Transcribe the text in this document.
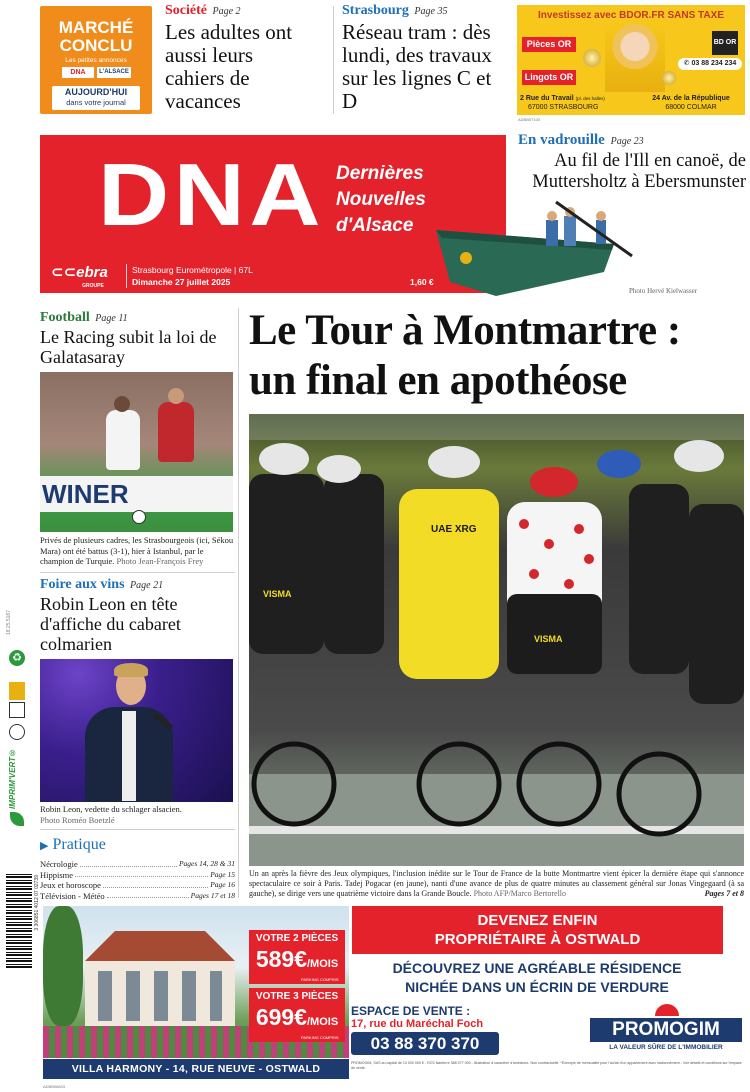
MARCHÉ
CONCLU
Les petites annonces
DNA	L'ALSACE
AUJOURD'HUI
dans votre journal
Société Page 2
Les adultes ont aussi leurs cahiers de vacances
Strasbourg Page 35
Réseau tram : dès lundi, des travaux sur les lignes C et D
Investissez avec BDOR.FR SANS TAXE
Pièces OR
Lingots OR
BD OR
✆ 03 88 234 234
2 Rue du Travail (pl. des halles)
67000 STRASBOURG
24 Av. de la République
68000 COLMAR
ADBB07103
DNA Dernières
Nouvelles
d'Alsace
⊂⊂ebra
GROUPE
Strasbourg Eurométropole | 67L
Dimanche 27 juillet 2025	1,60 €
En vadrouille Page 23
Au fil de l'Ill en canoë, de Muttersholtz à Ebersmunster
Photo Hervé Kielwasser
Football Page 11
Le Racing subit la loi de Galatasaray
WINER
Privés de plusieurs cadres, les Strasbourgeois (ici, Sékou Mara) ont été battus (3-1), hier à Istanbul, par le champion de Turquie. Photo Jean-François Frey
Foire aux vins Page 21
Robin Leon en tête d'affiche du cabaret colmarien
Robin Leon, vedette du schlager alsacien.
Photo Roméo Boetzlé
▶ Pratique
Nécrologie	Pages 14, 28 & 31
Hippisme	Page 15
Jeux et horoscope	Page 16
Télévision - Météo	Pages 17 et 18
Le Tour à Montmartre :
un final en apothéose
UAE XRG
VISMA
VISMA
Un an après la fièvre des Jeux olympiques, l'inclusion inédite sur le Tour de France de la butte Montmartre vient épicer la dernière étape qui s'annonce spectaculaire ce soir à Paris. Tadej Pogacar (en jaune), nanti d'une avance de plus de quatre minutes au classement général sur Jonas Vingegaard (à sa gauche), se dirige vers une quatrième victoire dans la Grande Boucle. Photo AFP/Marco Bertorello	Pages 7 et 8
18.25.5187
♻
IMPRIM'VERT®
3 306851 4012 07 02739
VOTRE 2 PIÈCES
589€/MOIS
PARKING COMPRIS
VOTRE 3 PIÈCES
699€/MOIS
PARKING COMPRIS
VILLA HARMONY - 14, RUE NEUVE - OSTWALD
DEVENEZ ENFIN PROPRIÉTAIRE À OSTWALD
DÉCOUVREZ UNE AGRÉABLE RÉSIDENCE NICHÉE DANS UN ÉCRIN DE VERDURE
ESPACE DE VENTE :
17, rue du Maréchal Foch
03 88 370 370
PROMOGIM
LA VALEUR SÛRE DE L'IMMOBILIER
PROMOGIM, SAS au capital de 10 000 000 € - RCS Nanterre 388 077 000 - Illustration à caractère d'ambiance. Non contractuelle. *Exemple de mensualité pour l'achat d'un appartement avec stationnement - Voir détails et conditions sur l'espace de vente.
ADBB06803
